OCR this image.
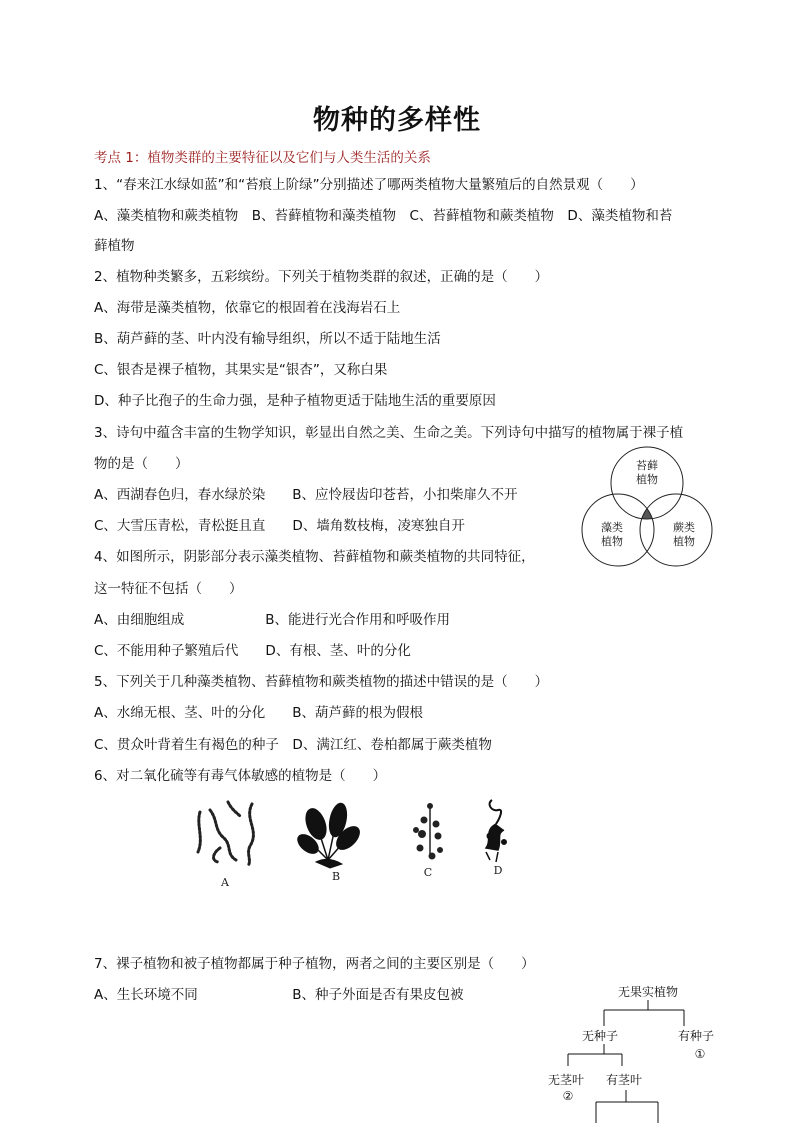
物种的多样性
考点 1：植物类群的主要特征以及它们与人类生活的关系
1、“春来江水绿如蓝”和“苔痕上阶绿”分别描述了哪两类植物大量繁殖后的自然景观（　　）
A、藻类植物和蕨类植物　B、苔藓植物和藻类植物　C、苔藓植物和蕨类植物　D、藻类植物和苔
藓植物
2、植物种类繁多，五彩缤纷。下列关于植物类群的叙述，正确的是（　　）
A、海带是藻类植物，依靠它的根固着在浅海岩石上
B、葫芦藓的茎、叶内没有输导组织，所以不适于陆地生活
C、银杏是裸子植物，其果实是“银杏”，又称白果
D、种子比孢子的生命力强，是种子植物更适于陆地生活的重要原因
3、诗句中蕴含丰富的生物学知识，彰显出自然之美、生命之美。下列诗句中描写的植物属于裸子植
物的是（　　）
A、西湖春色归，春水绿於染　　B、应怜屐齿印苍苔，小扣柴扉久不开
C、大雪压青松，青松挺且直　　D、墙角数枝梅，凌寒独自开
4、如图所示，阴影部分表示藻类植物、苔藓植物和蕨类植物的共同特征，
这一特征不包括（　　）
A、由细胞组成　　　　　　B、能进行光合作用和呼吸作用
C、不能用种子繁殖后代　　D、有根、茎、叶的分化
5、下列关于几种藻类植物、苔藓植物和蕨类植物的描述中错误的是（　　）
A、水绵无根、茎、叶的分化　　B、葫芦藓的根为假根
C、贯众叶背着生有褐色的种子　D、满江红、卷柏都属于蕨类植物
6、对二氧化硫等有毒气体敏感的植物是（　　）
7、裸子植物和被子植物都属于种子植物，两者之间的主要区别是（　　）
A、生长环境不同　　　　　　　B、种子外面是否有果皮包被
苔藓
植物
藻类
植物
蕨类
植物
A	B	C	D
无果实植物
无种子	有种子
①
无茎叶
②
有茎叶
